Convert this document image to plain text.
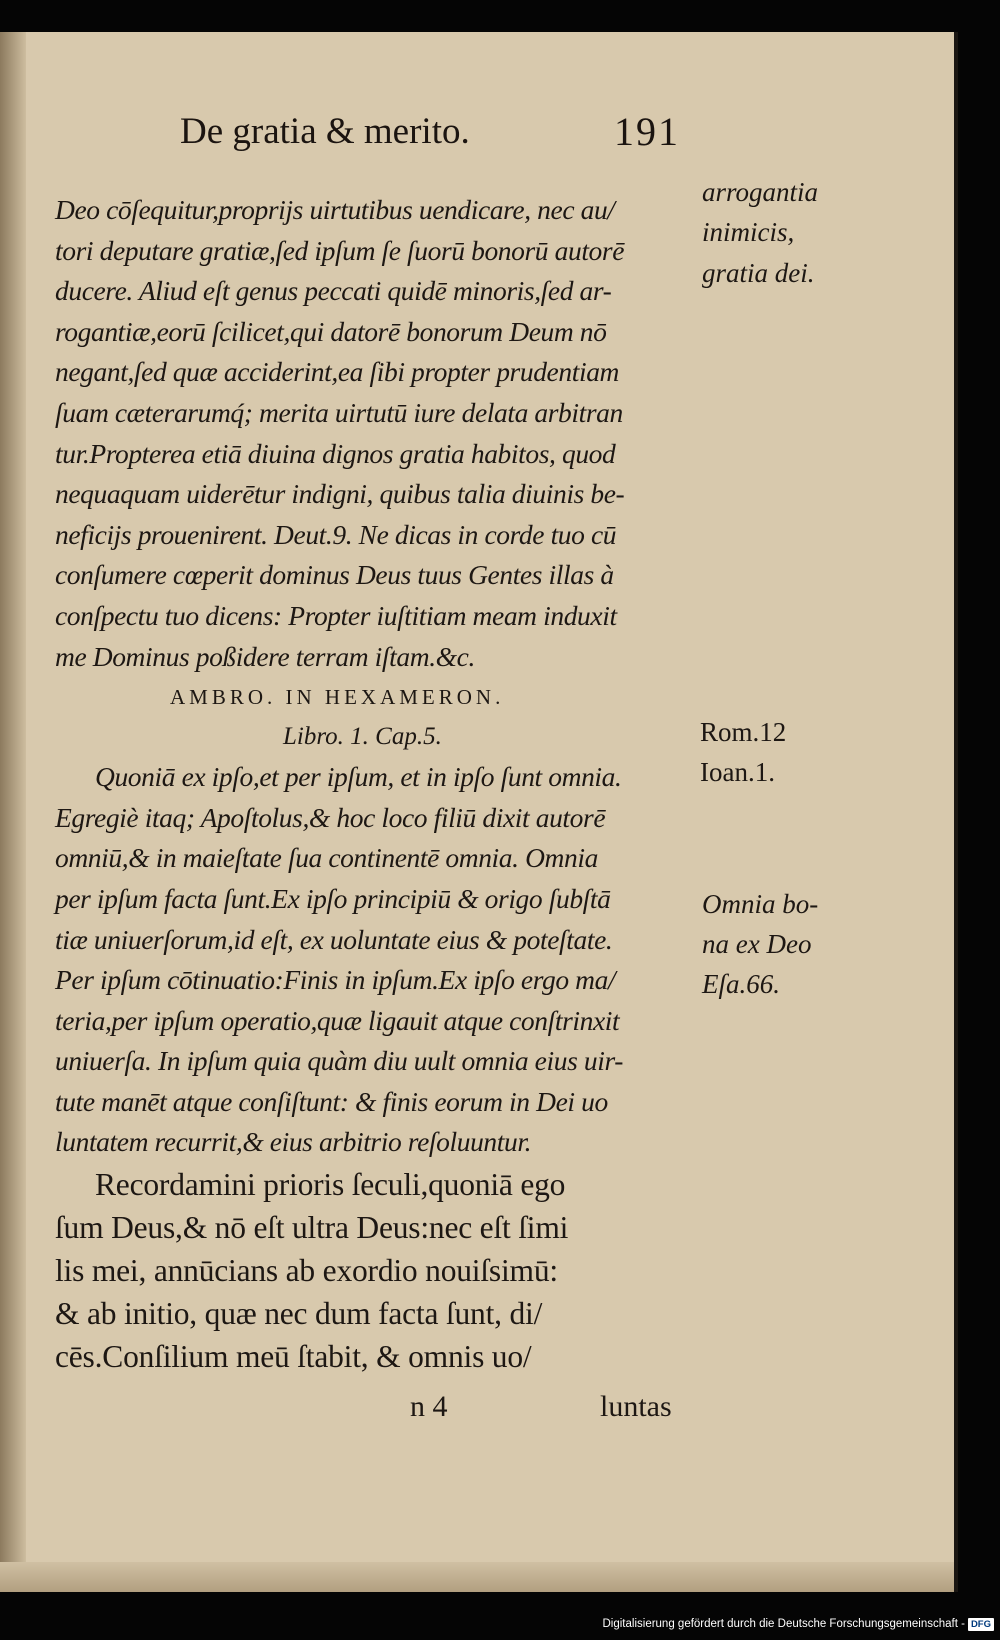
De gratia & merito.	191
Deo cōſequitur,proprijs uirtutibus uendicare, nec au/
tori deputare gratiæ,ſed ipſum ſe ſuorū bonorū autorē
ducere. Aliud eſt genus peccati quidē minoris,ſed ar-
rogantiæ,eorū ſcilicet,qui datorē bonorum Deum nō
negant,ſed quæ acciderint,ea ſibi propter prudentiam
ſuam cæterarumq́; merita uirtutū iure delata arbitran
tur.Propterea etiā diuina dignos gratia habitos, quod
nequaquam uiderētur indigni, quibus talia diuinis be-
neficijs prouenirent. Deut.9. Ne dicas in corde tuo cū
conſumere cœperit dominus Deus tuus Gentes illas à
conſpectu tuo dicens: Propter iuſtitiam meam induxit
me Dominus poßidere terram iſtam.&c.
AMBRO. IN HEXAMERON.
Libro. 1. Cap.5.
Quoniā ex ipſo,et per ipſum, et in ipſo ſunt omnia.
Egregiè itaq; Apoſtolus,& hoc loco filiū dixit autorē
omniū,& in maieſtate ſua continentē omnia. Omnia
per ipſum facta ſunt.Ex ipſo principiū & origo ſubſtā
tiæ uniuerſorum,id eſt, ex uoluntate eius & poteſtate.
Per ipſum cōtinuatio:Finis in ipſum.Ex ipſo ergo ma/
teria,per ipſum operatio,quæ ligauit atque conſtrinxit
uniuerſa. In ipſum quia quàm diu uult omnia eius uir-
tute manēt atque conſiſtunt: & finis eorum in Dei uo
luntatem recurrit,& eius arbitrio reſoluuntur.
Recordamini prioris ſeculi,quoniā ego
ſum Deus,& nō eſt ultra Deus:nec eſt ſimi
lis mei, annūcians ab exordio nouiſsimū:
& ab initio, quæ nec dum facta ſunt, di/
cēs.Conſilium meū ſtabit, & omnis uo/
n 4	luntas
arrogantia
inimicis,
gratia dei.
Rom.12
Ioan.1.
Omnia bo-
na ex Deo
Eſa.66.
Digitalisierung gefördert durch die Deutsche Forschungsgemeinschaft - DFG
